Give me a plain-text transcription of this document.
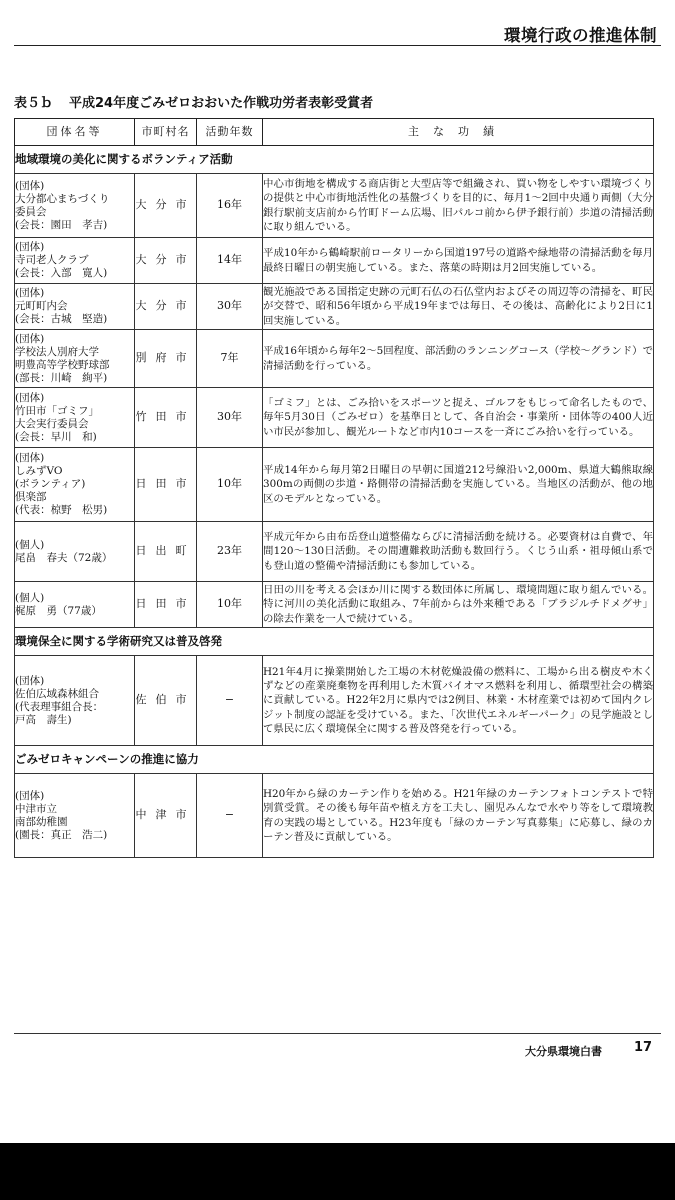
環境行政の推進体制
表５ｂ 平成24年度ごみゼロおおいた作戦功労者表彰受賞者
団体名等	市町村名	活動年数	主な功績
地域環境の美化に関するボランティア活動			

(団体)
大分都心まちづくり
委員会
(会長：園田　孝吉)	大分市	16年	中心市街地を構成する商店街と大型店等で組織され、買い物をしやすい環境づくりの提供と中心市街地活性化の基盤づくりを目的に、毎月1〜2回中央通り両側（大分銀行駅前支店前から竹町ドーム広場、旧パルコ前から伊予銀行前）歩道の清掃活動に取り組んでいる。

(団体)
寺司老人クラブ
(会長：入部　寛人)	大分市	14年	平成10年から鶴崎駅前ロータリーから国道197号の道路や緑地帯の清掃活動を毎月最終日曜日の朝実施している。また、落葉の時期は月2回実施している。

(団体)
元町町内会
(会長：古城　堅造)	大分市	30年	観光施設である国指定史跡の元町石仏の石仏堂内およびその周辺等の清掃を、町民が交替で、昭和56年頃から平成19年までは毎日、その後は、高齢化により2日に1回実施している。

(団体)
学校法人別府大学
明豊高等学校野球部
(部長：川崎　絢平)	別府市	7年	平成16年頃から毎年2〜5回程度、部活動のランニングコース（学校〜グランド）で清掃活動を行っている。

(団体)
竹田市「ゴミフ」
大会実行委員会
(会長：早川　和)	竹田市	30年	「ゴミフ」とは、ごみ拾いをスポーツと捉え、ゴルフをもじって命名したもので、毎年5月30日（ごみゼロ）を基準日として、各自治会・事業所・団体等の400人近い市民が参加し、観光ルートなど市内10コースを一斉にごみ拾いを行っている。

(団体)
しみずVO
(ボランティア)
倶楽部
(代表：椋野　松男)	日田市	10年	平成14年から毎月第2日曜日の早朝に国道212号線沿い2,000m、県道大鶴熊取線300mの両側の歩道・路側帯の清掃活動を実施している。当地区の活動が、他の地区のモデルとなっている。

(個人)
尾畠　春夫（72歳）	日出町	23年	平成元年から由布岳登山道整備ならびに清掃活動を続ける。必要資材は自費で、年間120〜130日活動。その間遭難救助活動も数回行う。くじう山系・祖母傾山系でも登山道の整備や清掃活動にも参加している。

(個人)
梶原　勇（77歳）	日田市	10年	日田の川を考える会ほか川に関する数団体に所属し、環境問題に取り組んでいる。特に河川の美化活動に取組み、7年前からは外来種である「ブラジルチドメグサ」の除去作業を一人で続けている。
環境保全に関する学術研究又は普及啓発			

(団体)
佐伯広域森林組合
(代表理事組合長：
戸高　壽生)	佐伯市	−	H21年4月に操業開始した工場の木材乾燥設備の燃料に、工場から出る樹皮や木くずなどの産業廃棄物を再利用した木質バイオマス燃料を利用し、循環型社会の構築に貢献している。H22年2月に県内では2例目、林業・木材産業では初めて国内クレジット制度の認証を受けている。また、「次世代エネルギーパーク」の見学施設として県民に広く環境保全に関する普及啓発を行っている。
ごみゼロキャンペーンの推進に協力			

(団体)
中津市立
南部幼稚園
(園長：真正　浩二)	中津市	−	H20年から緑のカーテン作りを始める。H21年緑のカーテンフォトコンテストで特別賞受賞。その後も毎年苗や植え方を工夫し、園児みんなで水やり等をして環境教育の実践の場としている。H23年度も「緑のカーテン写真募集」に応募し、緑のカーテン普及に貢献している。
大分県環境白書 17
